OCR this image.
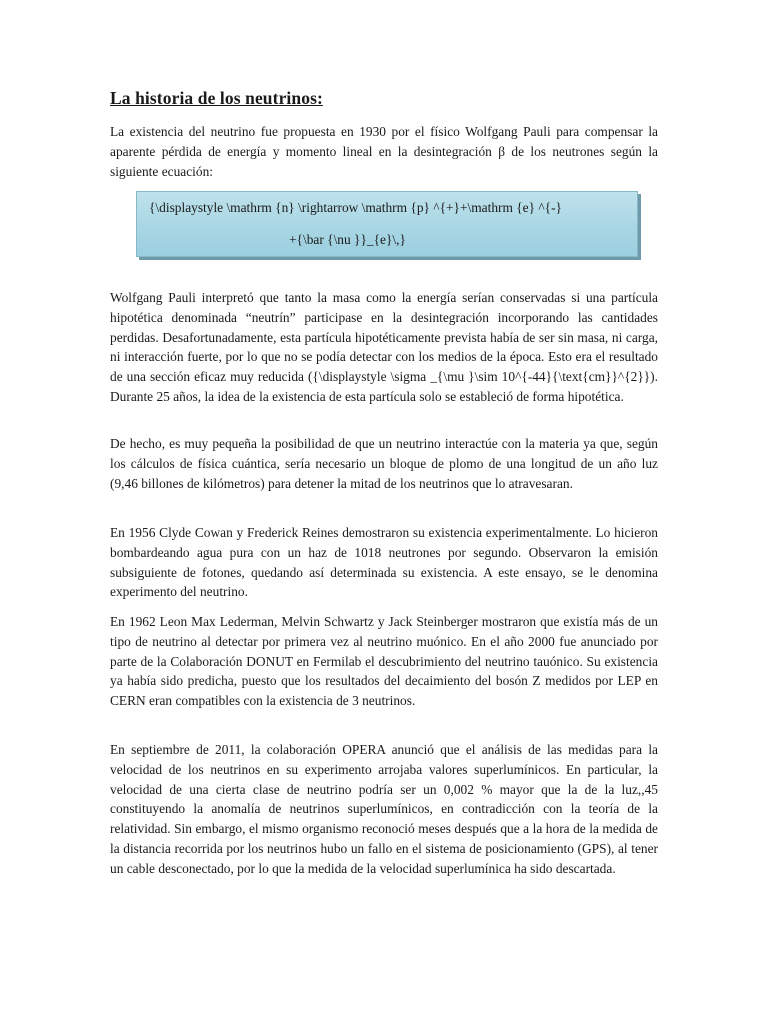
La historia de los neutrinos:

La existencia del neutrino fue propuesta en 1930 por el físico Wolfgang Pauli para compensar la aparente pérdida de energía y momento lineal en la desintegración β de los neutrones según la siguiente ecuación:

{\displaystyle \mathrm {n} \rightarrow \mathrm {p} ^{+}+\mathrm {e} ^{-}
+{\bar {\nu }}_{e}\,}

Wolfgang Pauli interpretó que tanto la masa como la energía serían conservadas si una partícula hipotética denominada “neutrín” participase en la desintegración incorporando las cantidades perdidas. Desafortunadamente, esta partícula hipotéticamente prevista había de ser sin masa, ni carga, ni interacción fuerte, por lo que no se podía detectar con los medios de la época. Esto era el resultado de una sección eficaz muy reducida ({\displaystyle \sigma _{\mu }\sim 10^{-44}{\text{cm}}^{2}}). Durante 25 años, la idea de la existencia de esta partícula solo se estableció de forma hipotética.

De hecho, es muy pequeña la posibilidad de que un neutrino interactúe con la materia ya que, según los cálculos de física cuántica, sería necesario un bloque de plomo de una longitud de un año luz (9,46 billones de kilómetros) para detener la mitad de los neutrinos que lo atravesaran.

En 1956 Clyde Cowan y Frederick Reines demostraron su existencia experimentalmente. Lo hicieron bombardeando agua pura con un haz de 1018 neutrones por segundo. Observaron la emisión subsiguiente de fotones, quedando así determinada su existencia. A este ensayo, se le denomina experimento del neutrino.

En 1962 Leon Max Lederman, Melvin Schwartz y Jack Steinberger mostraron que existía más de un tipo de neutrino al detectar por primera vez al neutrino muónico. En el año 2000 fue anunciado por parte de la Colaboración DONUT en Fermilab el descubrimiento del neutrino tauónico. Su existencia ya había sido predicha, puesto que los resultados del decaimiento del bosón Z medidos por LEP en CERN eran compatibles con la existencia de 3 neutrinos.

En septiembre de 2011, la colaboración OPERA anunció que el análisis de las medidas para la velocidad de los neutrinos en su experimento arrojaba valores superlumínicos. En particular, la velocidad de una cierta clase de neutrino podría ser un 0,002 % mayor que la de la luz,,45 constituyendo la anomalía de neutrinos superlumínicos, en contradicción con la teoría de la relatividad. Sin embargo, el mismo organismo reconoció meses después que a la hora de la medida de la distancia recorrida por los neutrinos hubo un fallo en el sistema de posicionamiento (GPS), al tener un cable desconectado, por lo que la medida de la velocidad superlumínica ha sido descartada.
